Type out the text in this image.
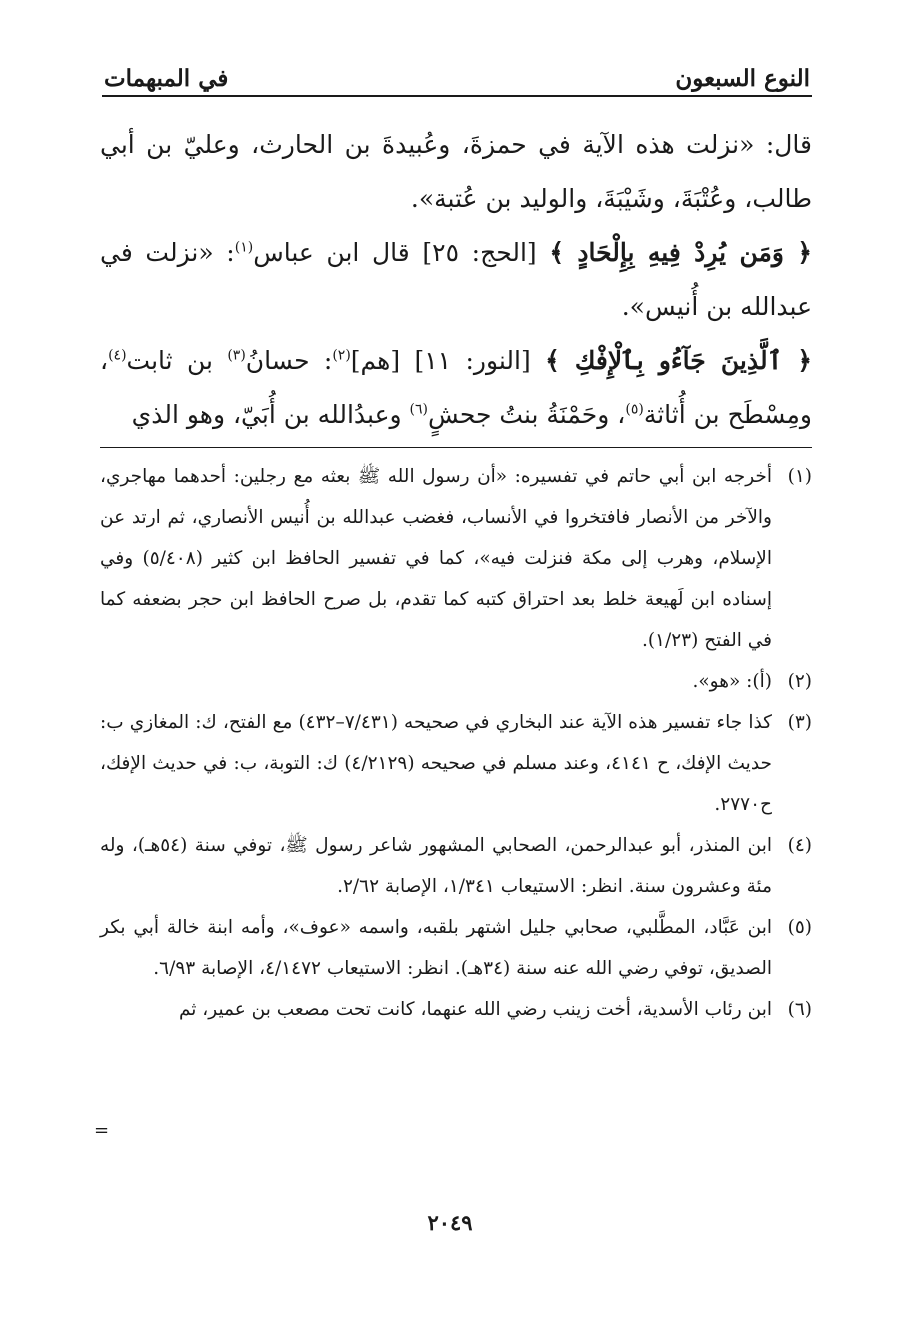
النوع السبعون
في المبهمات

قال: «نزلت هذه الآية في حمزةَ، وعُبيدةَ بن الحارث، وعليّ بن أبي طالب، وعُتْبَةَ، وشَيْبَةَ، والوليد بن عُتبة».

﴿ وَمَن يُرِدْ فِيهِ بِإِلْحَادٍ ﴾ [الحج: ٢٥] قال ابن عباس$^{(١)}$: «نزلت في عبدالله بن أُنيس».

﴿ ٱلَّذِينَ جَآءُو بِٱلْإِفْكِ ﴾ [النور: ١١] [هم]$^{(٢)}$: حسانُ$^{(٣)}$ بن ثابت$^{(٤)}$، ومِسْطَح بن أُثاثة$^{(٥)}$، وحَمْنَةُ بنتُ جحشٍ$^{(٦)}$ وعبدُالله بن أُبَيّ، وهو الذي

(١)أخرجه ابن أبي حاتم في تفسيره: «أن رسول الله ﷺ بعثه مع رجلين: أحدهما مهاجري، والآخر من الأنصار فافتخروا في الأنساب، فغضب عبدالله بن أُنيس الأنصاري، ثم ارتد عن الإسلام، وهرب إلى مكة فنزلت فيه»، كما في تفسير الحافظ ابن كثير (٥/٤٠٨) وفي إسناده ابن لَهيعة خلط بعد احتراق كتبه كما تقدم، بل صرح الحافظ ابن حجر بضعفه كما في الفتح (١/٢٣).

(٢)(أ): «هو».

(٣)كذا جاء تفسير هذه الآية عند البخاري في صحيحه (٧/٤٣١–٤٣٢) مع الفتح، ك: المغازي ب: حديث الإفك، ح ٤١٤١، وعند مسلم في صحيحه (٤/٢١٢٩) ك: التوبة، ب: في حديث الإفك، ح٢٧٧٠.

(٤)ابن المنذر، أبو عبدالرحمن، الصحابي المشهور شاعر رسول ﷺ، توفي سنة (٥٤هـ)، وله مئة وعشرون سنة. انظر: الاستيعاب ١/٣٤١، الإصابة ٢/٦٢.

(٥)ابن عَبَّاد، المطَّلبي، صحابي جليل اشتهر بلقبه، واسمه «عوف»، وأمه ابنة خالة أبي بكر الصديق، توفي رضي الله عنه سنة (٣٤هـ). انظر: الاستيعاب ٤/١٤٧٢، الإصابة ٦/٩٣.

(٦)ابن رئاب الأسدية، أخت زينب رضي الله عنهما، كانت تحت مصعب بن عمير، ثم

=
٢٠٤٩
